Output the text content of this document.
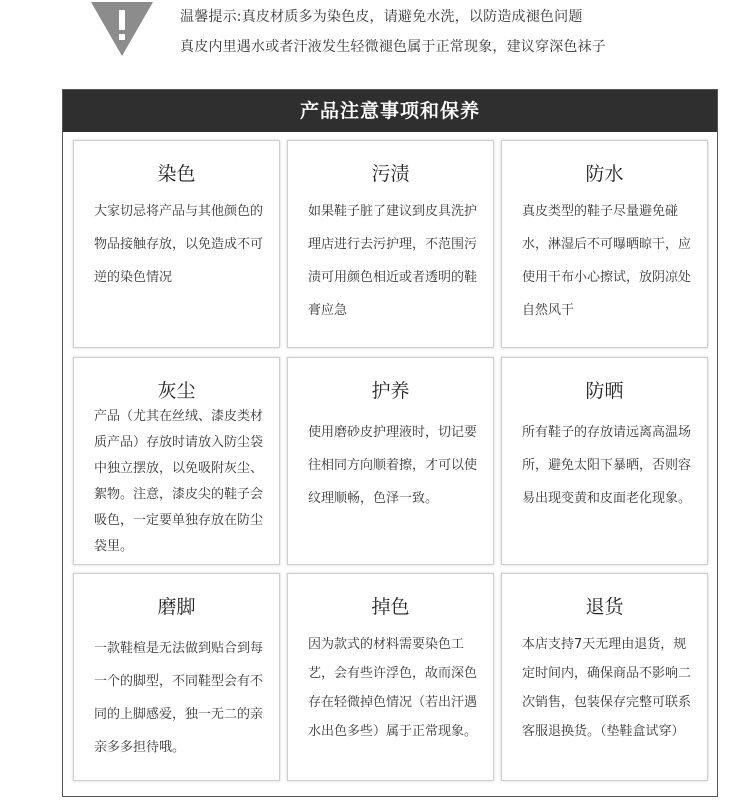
温馨提示:真皮材质多为染色皮，请避免水洗，以防造成褪色问题
真皮内里遇水或者汗液发生轻微褪色属于正常现象，建议穿深色袜子
产品注意事项和保养
染色
大家切忌将产品与其他颜色的物品接触存放，以免造成不可逆的染色情况
污渍
如果鞋子脏了建议到皮具洗护理店进行去污护理，不范围污渍可用颜色相近或者透明的鞋膏应急
防水
真皮类型的鞋子尽量避免碰水，淋湿后不可曝晒晾干，应使用干布小心擦试，放阴凉处自然风干
灰尘
产品（尤其在丝绒、漆皮类材质产品）存放时请放入防尘袋中独立摆放，以免吸附灰尘、絮物。注意，漆皮尖的鞋子会吸色，一定要单独存放在防尘袋里。
护养
使用磨砂皮护理液时，切记要往相同方向顺着擦，才可以使纹理顺畅，色泽一致。
防晒
所有鞋子的存放请远离高温场所，避免太阳下暴晒，否则容易出现变黄和皮面老化现象。
磨脚
一款鞋楦是无法做到贴合到每一个的脚型，不同鞋型会有不同的上脚感爱，独一无二的亲亲多多担待哦。
掉色
因为款式的材料需要染色工艺，会有些许浮色，故而深色存在轻微掉色情况（若出汗遇水出色多些）属于正常现象。
退货
本店支持7天无理由退货，规定时间内，确保商品不影响二次销售，包装保存完整可联系客服退换货。（垫鞋盒试穿）
